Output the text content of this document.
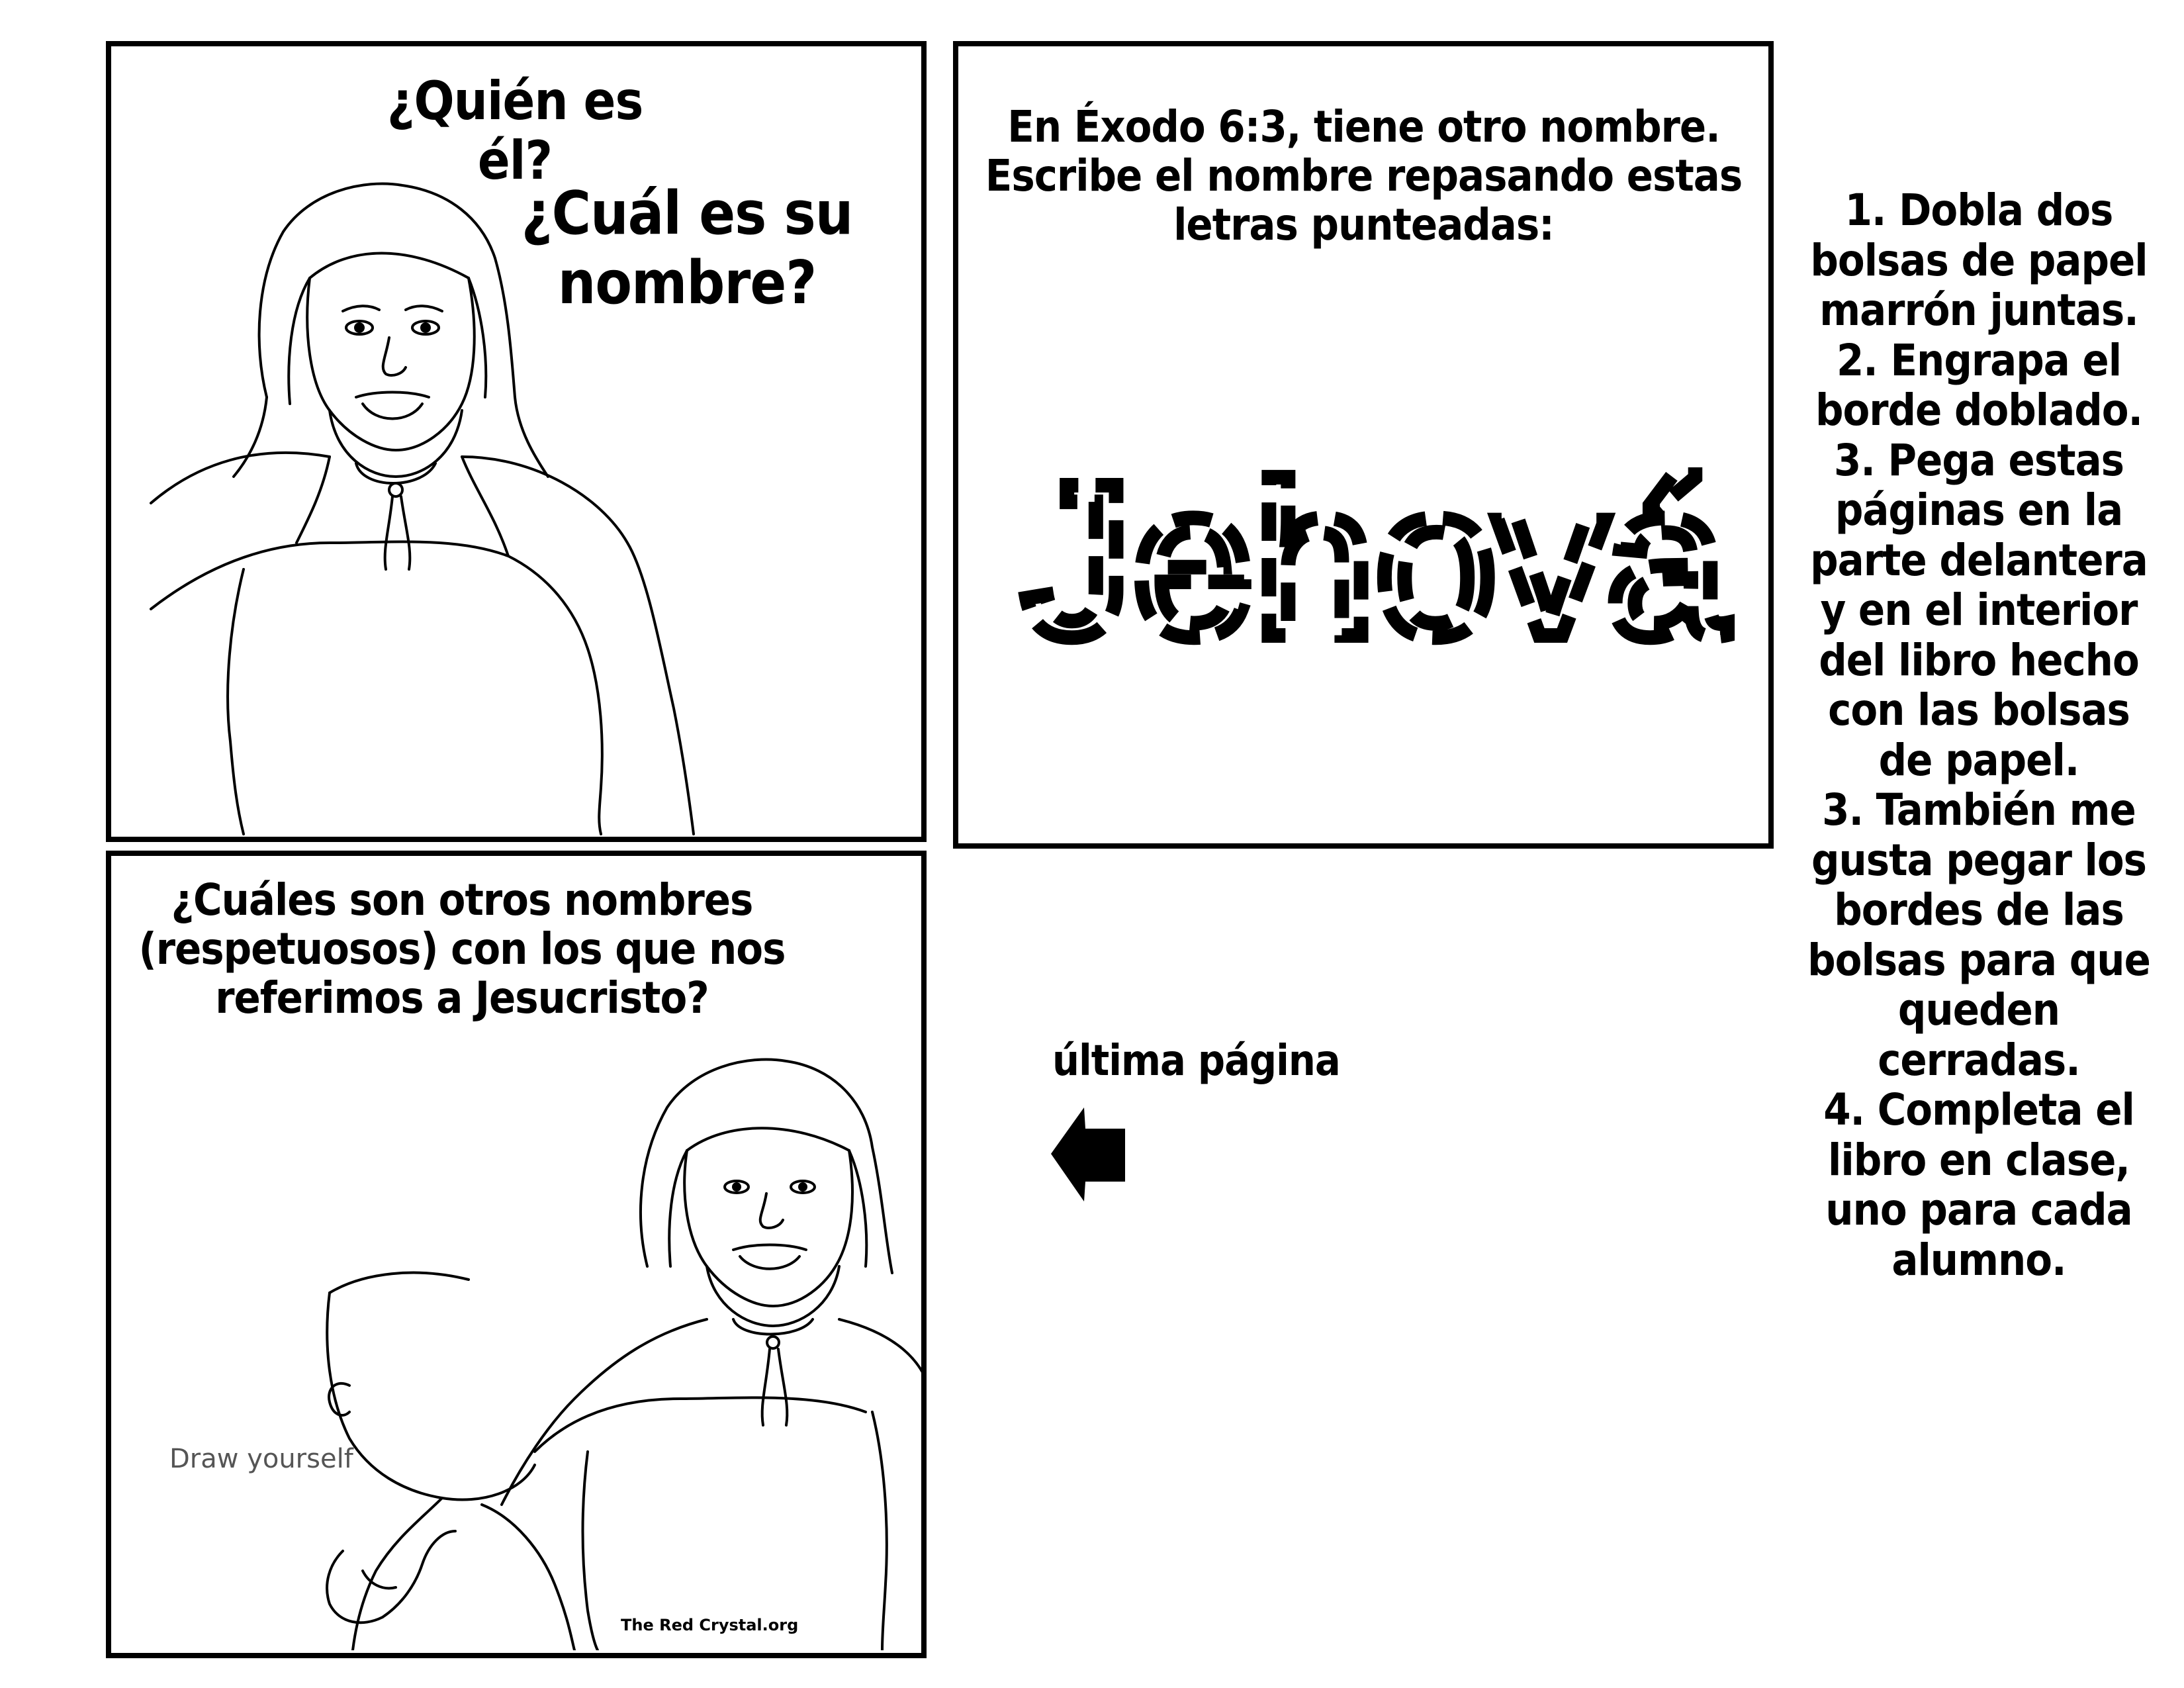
¿Quién es él?
¿Cuál es su nombre?
En Éxodo 6:3, tiene otro nombre. Escribe el nombre repasando estas letras punteadas:
Jehová
¿Cuáles son otros nombres (respetuosos) con los que nos referimos a Jesucristo?
Draw yourself
The Red Crystal.org
última página
1. Dobla dos bolsas de papel marrón juntas.
2. Engrapa el borde doblado.
3. Pega estas páginas en la parte delantera y en el interior del libro hecho con las bolsas de papel.
3. También me gusta pegar los bordes de las bolsas para que queden cerradas.
4. Completa el libro en clase, uno para cada alumno.
